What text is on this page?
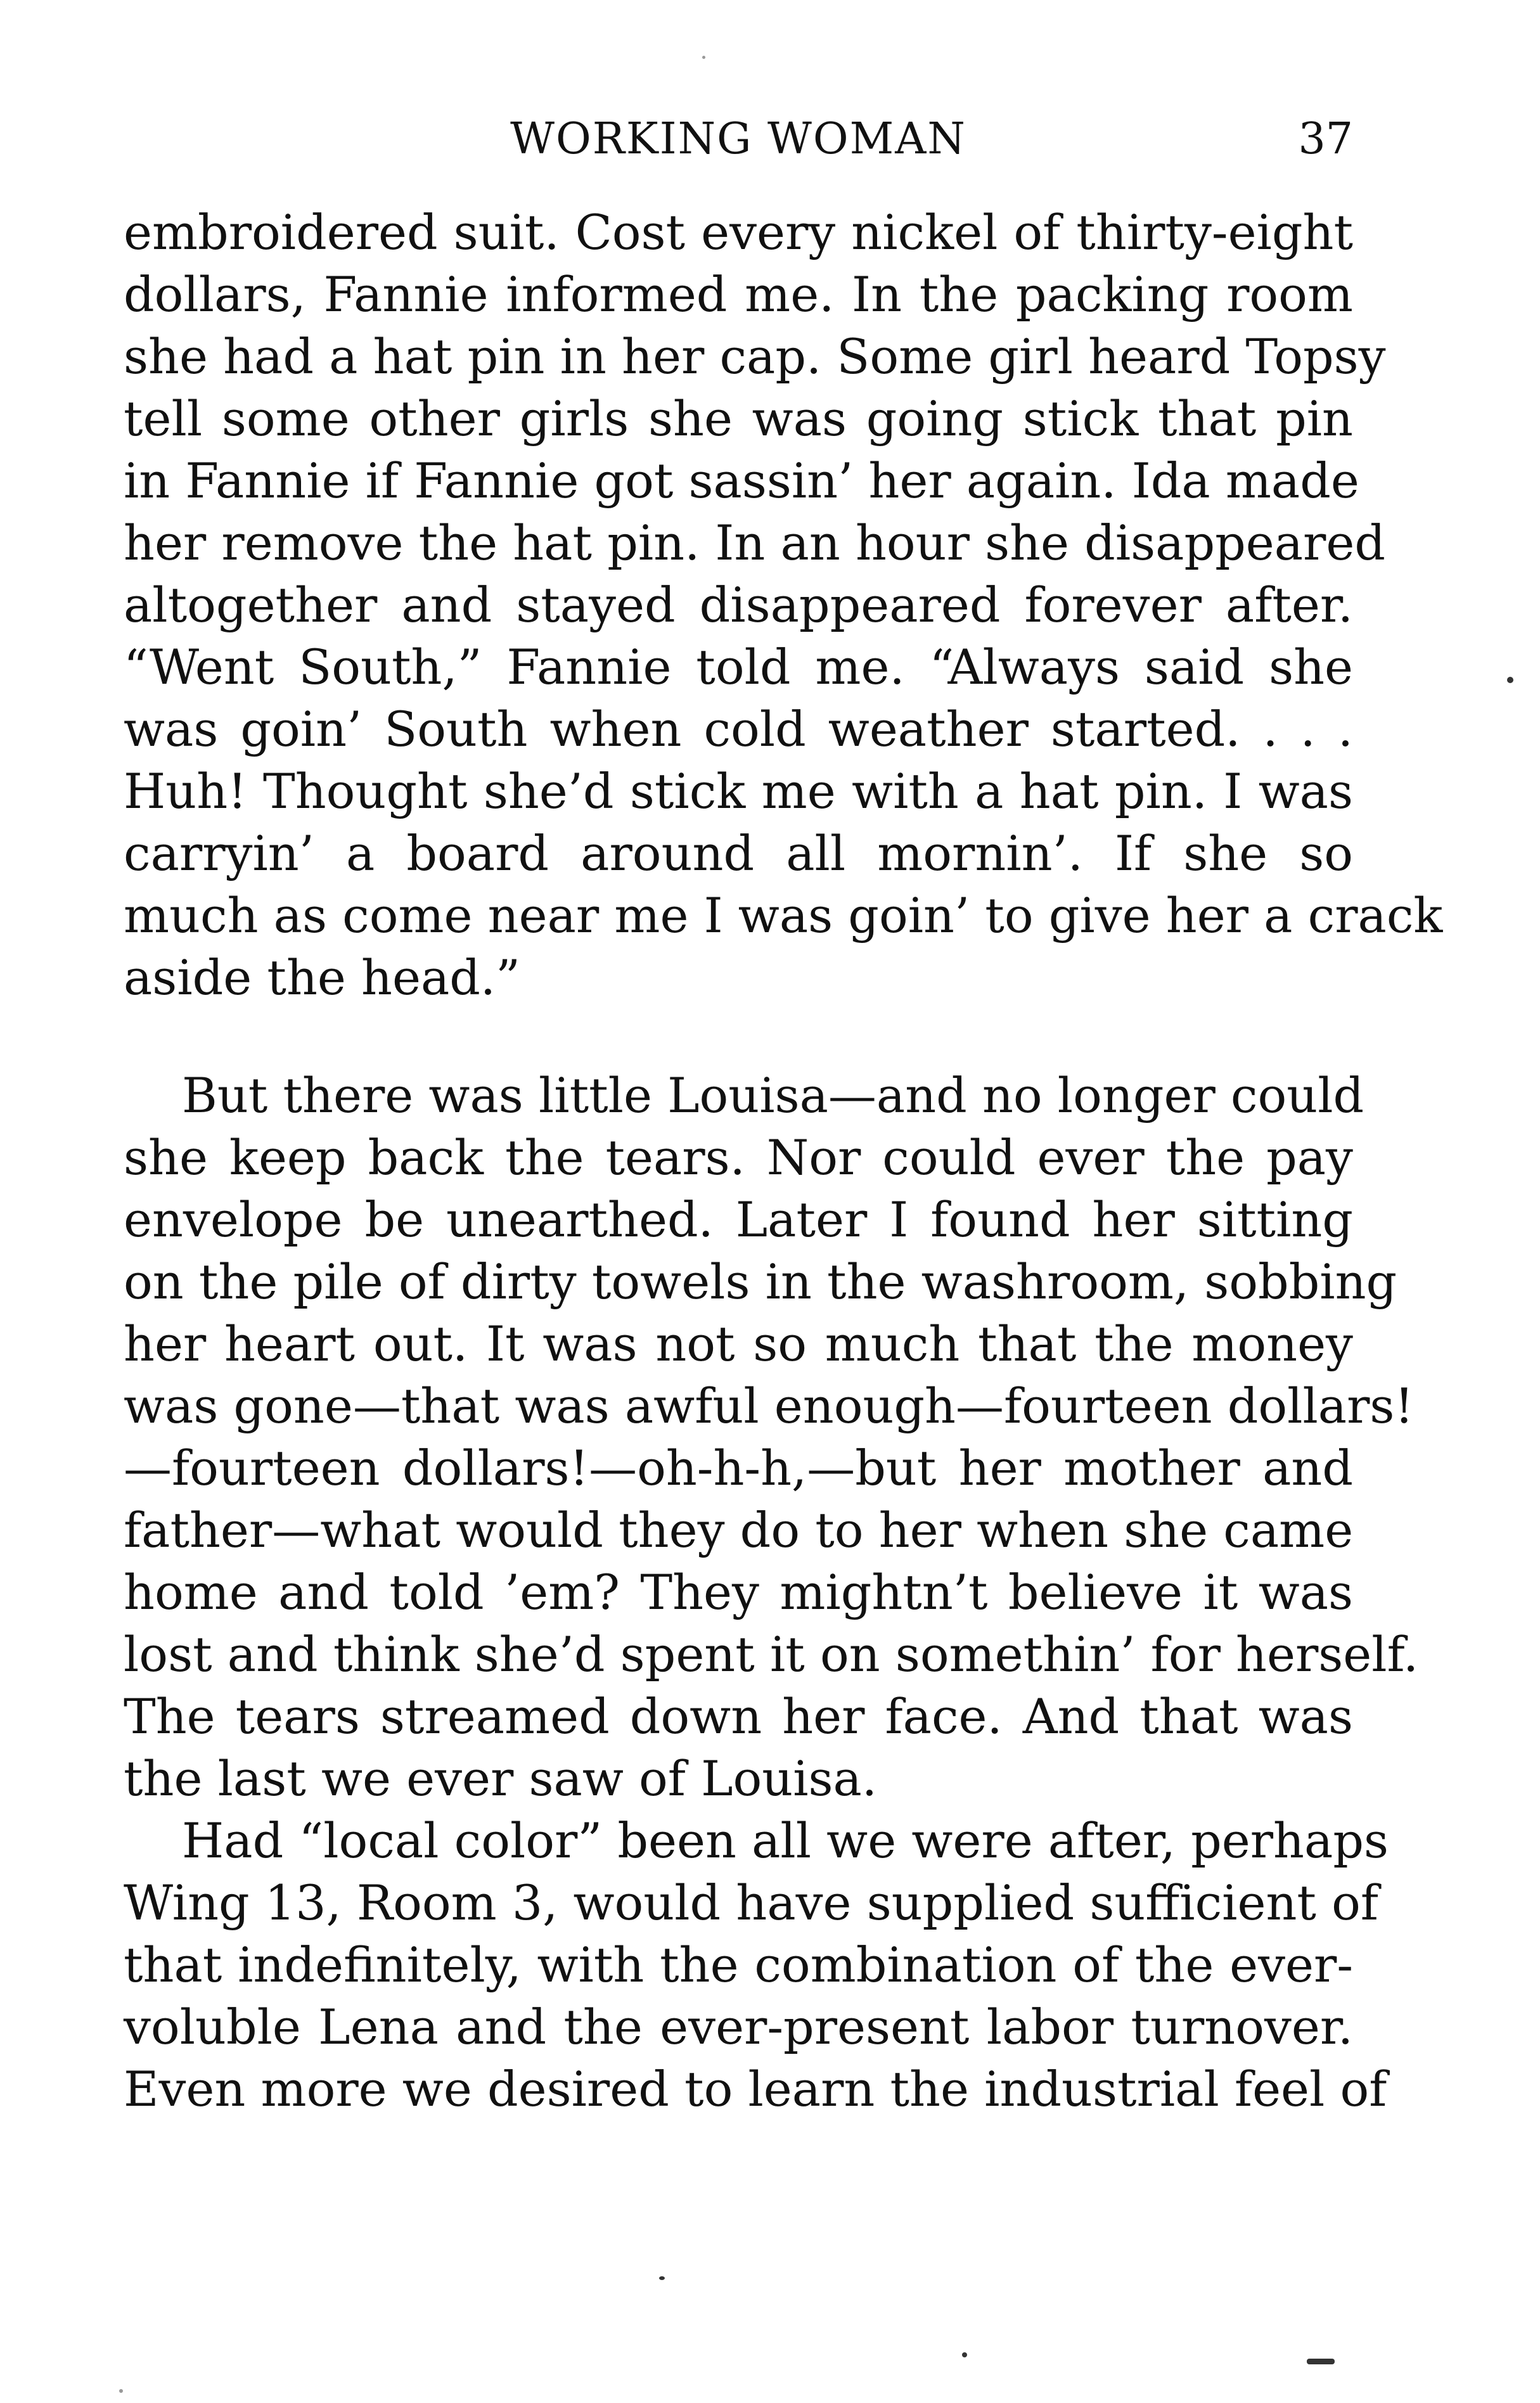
WORKING WOMAN	37
embroidered suit. Cost every nickel of thirty-eight
dollars, Fannie informed me. In the packing room
she had a hat pin in her cap. Some girl heard Topsy
tell some other girls she was going stick that pin
in Fannie if Fannie got sassin’ her again. Ida made
her remove the hat pin. In an hour she disappeared
altogether and stayed disappeared forever after.
“Went South,” Fannie told me. “Always said she
was goin’ South when cold weather started. . . .
Huh! Thought she’d stick me with a hat pin. I was
carryin’ a board around all mornin’. If she so
much as come near me I was goin’ to give her a crack
aside the head.”
But there was little Louisa—and no longer could
she keep back the tears. Nor could ever the pay
envelope be unearthed. Later I found her sitting
on the pile of dirty towels in the washroom, sobbing
her heart out. It was not so much that the money
was gone—that was awful enough—fourteen dollars!
—fourteen dollars!—oh-h-h,—but her mother and
father—what would they do to her when she came
home and told ’em? They mightn’t believe it was
lost and think she’d spent it on somethin’ for herself.
The tears streamed down her face. And that was
the last we ever saw of Louisa.
Had “local color” been all we were after, perhaps
Wing 13, Room 3, would have supplied sufficient of
that indefinitely, with the combination of the ever-
voluble Lena and the ever-present labor turnover.
Even more we desired to learn the industrial feel of
